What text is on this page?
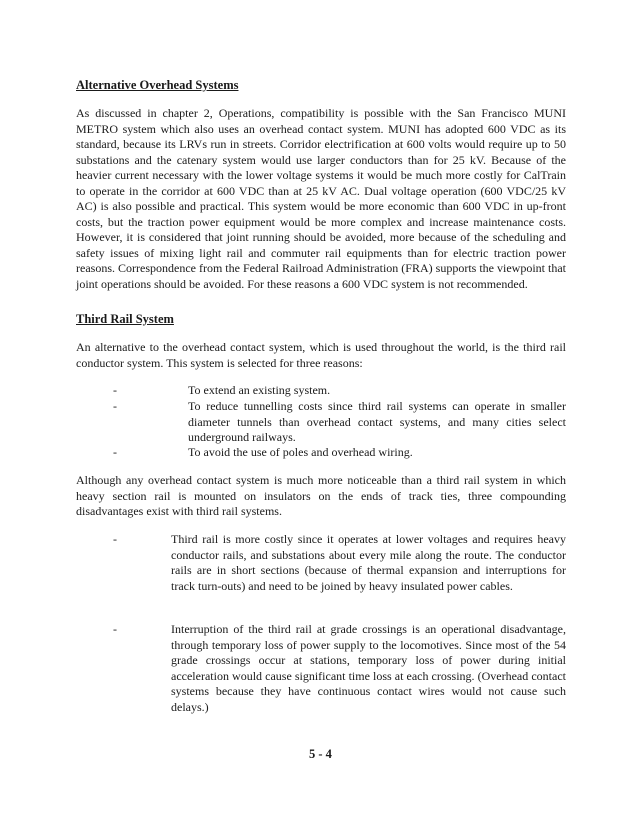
Alternative Overhead Systems

As discussed in chapter 2, Operations, compatibility is possible with the San Francisco MUNI METRO system which also uses an overhead contact system. MUNI has adopted 600 VDC as its standard, because its LRVs run in streets. Corridor electrification at 600 volts would require up to 50 substations and the catenary system would use larger conductors than for 25 kV. Because of the heavier current necessary with the lower voltage systems it would be much more costly for CalTrain to operate in the corridor at 600 VDC than at 25 kV AC. Dual voltage operation (600 VDC/25 kV AC) is also possible and practical. This system would be more economic than 600 VDC in up-front costs, but the traction power equipment would be more complex and increase maintenance costs. However, it is considered that joint running should be avoided, more because of the scheduling and safety issues of mixing light rail and commuter rail equipments than for electric traction power reasons. Correspondence from the Federal Railroad Administration (FRA) supports the viewpoint that joint operations should be avoided. For these reasons a 600 VDC system is not recommended.

Third Rail System

An alternative to the overhead contact system, which is used throughout the world, is the third rail conductor system. This system is selected for three reasons:

-	To extend an existing system.
-	To reduce tunnelling costs since third rail systems can operate in smaller diameter tunnels than overhead contact systems, and many cities select underground railways.
-	To avoid the use of poles and overhead wiring.

Although any overhead contact system is much more noticeable than a third rail system in which heavy section rail is mounted on insulators on the ends of track ties, three compounding disadvantages exist with third rail systems.

-	Third rail is more costly since it operates at lower voltages and requires heavy conductor rails, and substations about every mile along the route. The conductor rails are in short sections (because of thermal expansion and interruptions for track turn-outs) and need to be joined by heavy insulated power cables.
-	Interruption of the third rail at grade crossings is an operational disadvantage, through temporary loss of power supply to the locomotives. Since most of the 54 grade crossings occur at stations, temporary loss of power during initial acceleration would cause significant time loss at each crossing. (Overhead contact systems because they have continuous contact wires would not cause such delays.)
5 - 4
